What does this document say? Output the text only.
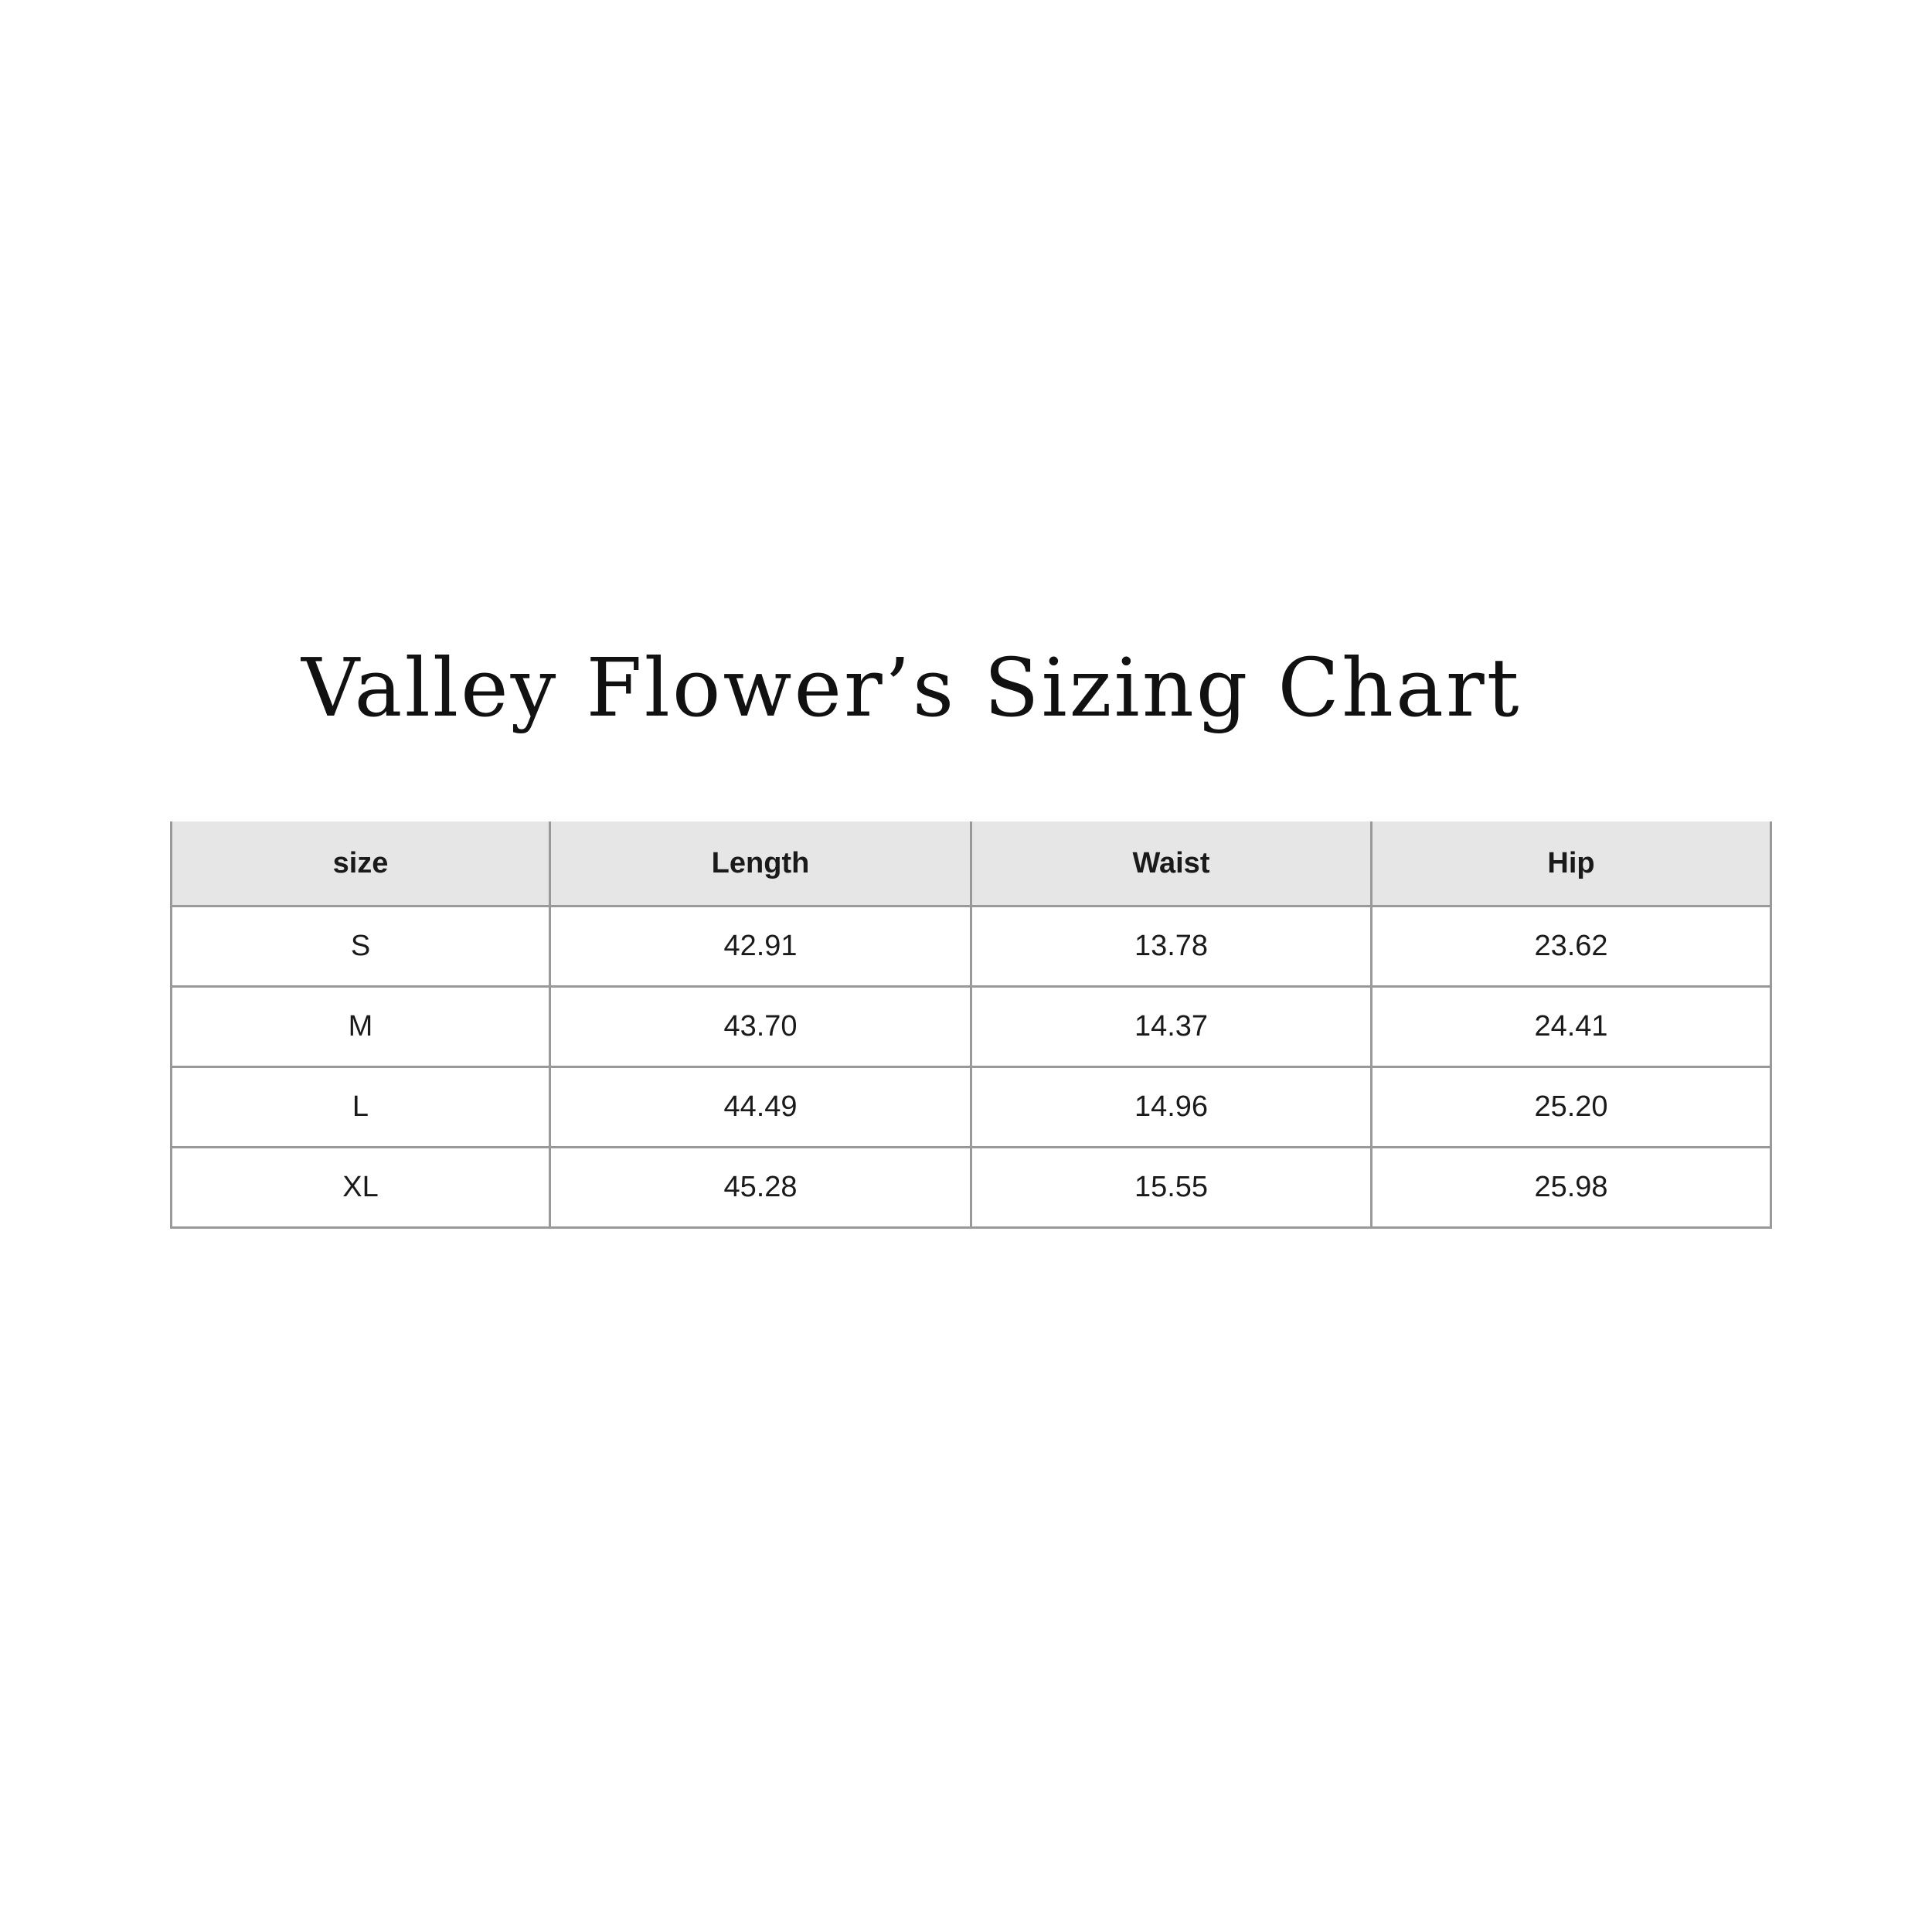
Valley Flower’s Sizing Chart
size	Length	Waist	Hip
S	42.91	13.78	23.62
M	43.70	14.37	24.41
L	44.49	14.96	25.20
XL	45.28	15.55	25.98
